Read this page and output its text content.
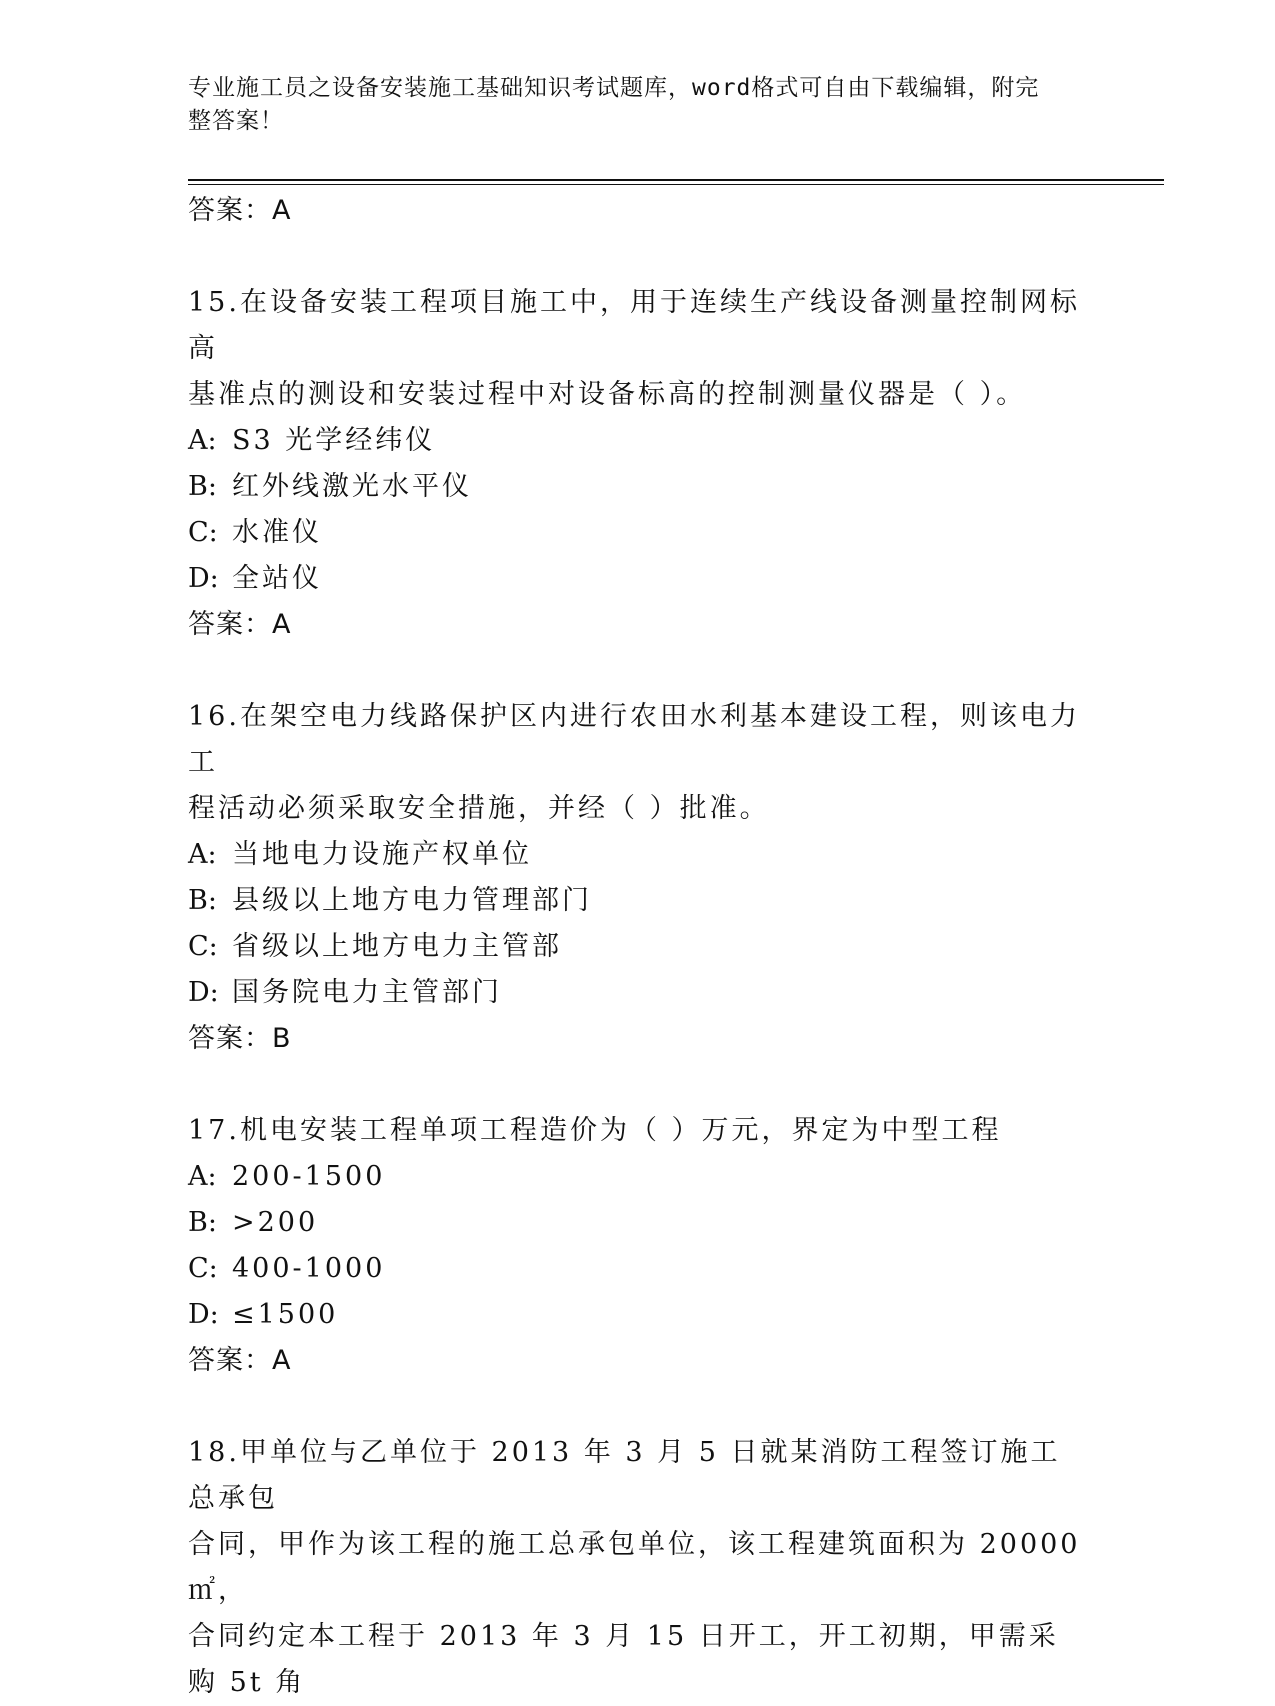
专业施工员之设备安装施工基础知识考试题库，word格式可自由下载编辑，附完
整答案！
答案：A
15.在设备安装工程项目施工中，用于连续生产线设备测量控制网标高
基准点的测设和安装过程中对设备标高的控制测量仪器是（ ）。
A: S3 光学经纬仪
B: 红外线激光水平仪
C: 水准仪
D: 全站仪
答案：A
16.在架空电力线路保护区内进行农田水利基本建设工程，则该电力工
程活动必须采取安全措施，并经（ ）批准。
A: 当地电力设施产权单位
B: 县级以上地方电力管理部门
C: 省级以上地方电力主管部
D: 国务院电力主管部门
答案：B
17.机电安装工程单项工程造价为（ ）万元，界定为中型工程
A: 200-1500
B: >200
C: 400-1000
D: ≤1500
答案：A
18.甲单位与乙单位于 2013 年 3 月 5 日就某消防工程签订施工总承包
合同，甲作为该工程的施工总承包单位，该工程建筑面积为 20000㎡，
合同约定本工程于 2013 年 3 月 15 日开工，开工初期，甲需采购 5t 角
